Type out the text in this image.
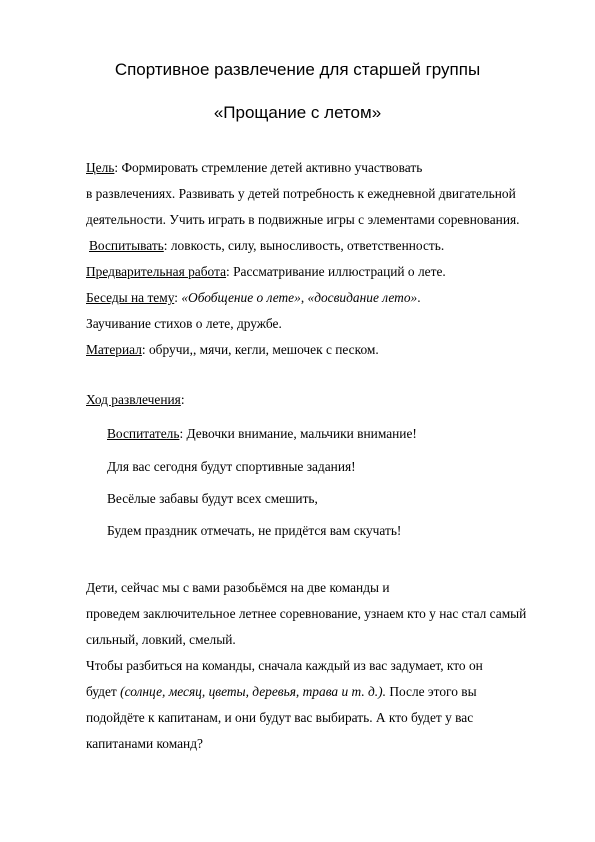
Спортивное развлечение для старшей группы
«Прощание с летом»
Цель: Формировать стремление детей активно участвовать
в развлечениях. Развивать у детей потребность к ежедневной двигательной
деятельности. Учить играть в подвижные игры с элементами соревнования.
Воспитывать: ловкость, силу, выносливость, ответственность.
Предварительная работа: Рассматривание иллюстраций о лете.
Беседы на тему: «Обобщение о лете», «досвидание лето».
Заучивание стихов о лете, дружбе.
Материал: обручи,, мячи, кегли, мешочек с песком.
Ход развлечения:
Воспитатель: Девочки внимание, мальчики внимание!
Для вас сегодня будут спортивные задания!
Весёлые забавы будут всех смешить,
Будем праздник отмечать, не придётся вам скучать!
Дети, сейчас мы с вами разобьёмся на две команды и
проведем заключительное летнее соревнование, узнаем кто у нас стал самый
сильный, ловкий, смелый.
Чтобы разбиться на команды, сначала каждый из вас задумает, кто он
будет (солнце, месяц, цветы, деревья, трава и т. д.). После этого вы
подойдёте к капитанам, и они будут вас выбирать. А кто будет у вас
капитанами команд?
